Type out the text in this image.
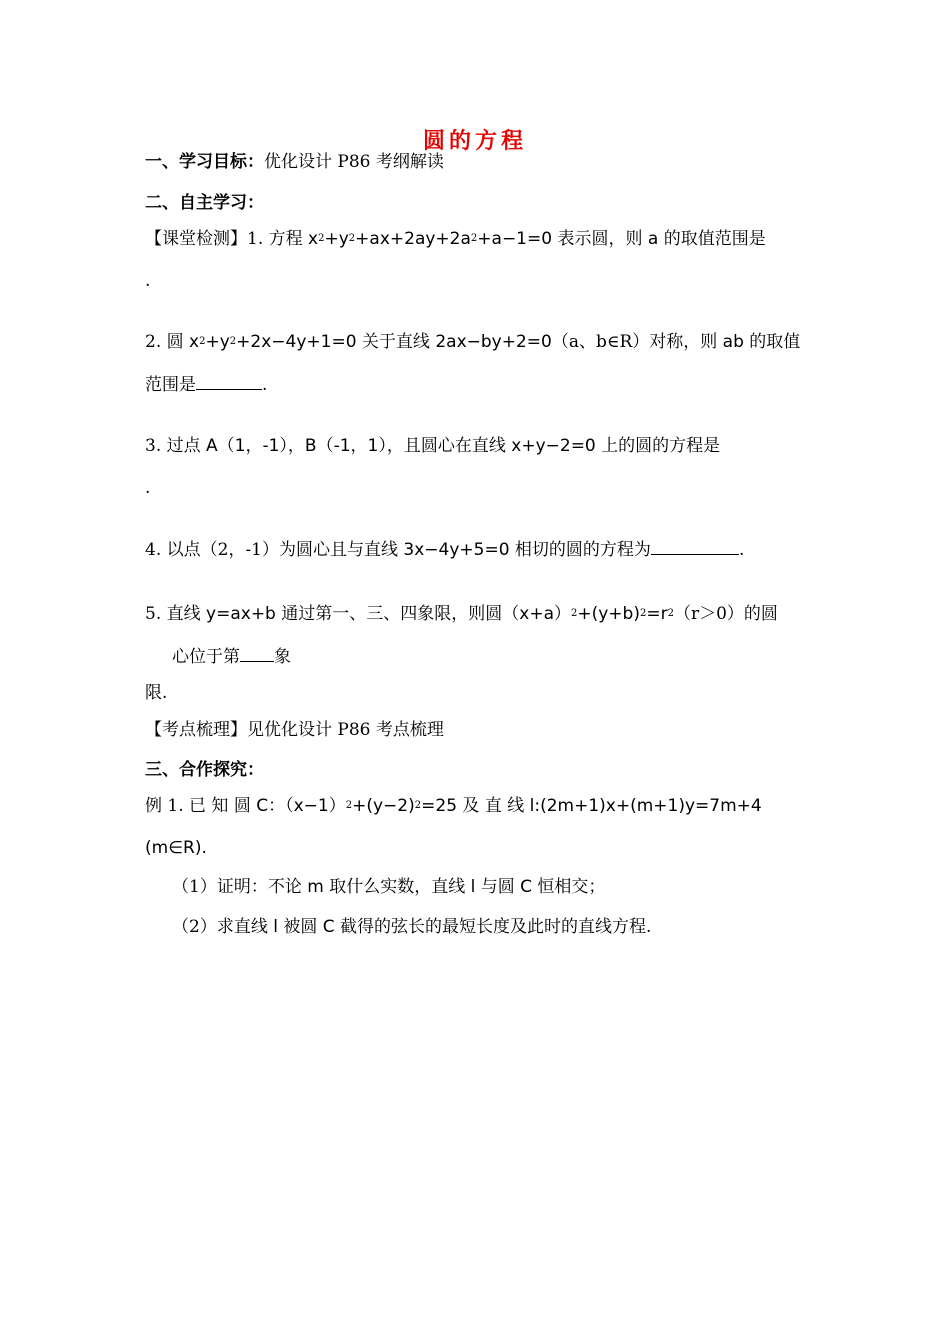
圆的方程
一、学习目标：优化设计 P86 考纲解读
二、自主学习：
【课堂检测】1. 方程 $x^2+y^2+ax+2ay+2a^2+a-1=0$ 表示圆，则 a 的取值范围是
.
2. 圆 $x^2+y^2+2x-4y+1=0$ 关于直线 2ax−by+2=0（a、b∈R）对称，则 ab 的取值
范围是	.
3. 过点 A（1，-1），B（-1，1），且圆心在直线 x+y−2=0 上的圆的方程是
.
4. 以点（2，-1）为圆心且与直线 3x−4y+5=0 相切的圆的方程为	.
5. 直线 y=ax+b 通过第一、三、四象限，则圆$(x+a)^2+(y+b)^2=r^2(r>0)$的圆
心位于第 象
限.
【考点梳理】见优化设计 P86 考点梳理
三、合作探究：
例 1. 已 知 圆 C：$(x-1)^2+(y-2)^2=25$ 及 直 线 l:(2m+1)x+(m+1)y=7m+4
(m∈R).
（1）证明：不论 m 取什么实数，直线 l 与圆 C 恒相交；
（2）求直线 l 被圆 C 截得的弦长的最短长度及此时的直线方程.
